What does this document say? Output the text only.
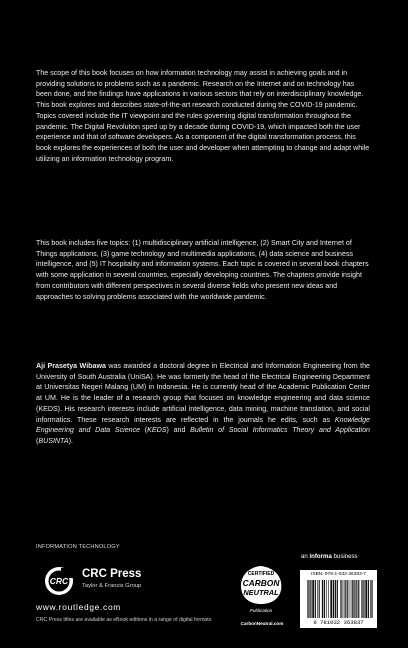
The scope of this book focuses on how information technology may assist in achieving goals and in providing solutions to problems such as a pandemic. Research on the Internet and on technology has been done, and the findings have applications in various sectors that rely on interdisciplinary knowledge. This book explores and describes state-of-the-art research conducted during the COVID-19 pandemic. Topics covered include the IT viewpoint and the rules governing digital transformation throughout the pandemic. The Digital Revolution sped up by a decade during COVID-19, which impacted both the user experience and that of software developers. As a component of the digital transformation process, this book explores the experiences of both the user and developer when attempting to change and adapt while utilizing an information technology program.

This book includes five topics: (1) multidisciplinary artificial intelligence, (2) Smart City and Internet of Things applications, (3) game technology and multimedia applications, (4) data science and business intelligence, and (5) IT hospitality and information systems. Each topic is covered in several book chapters with some application in several countries, especially developing countries. The chapters provide insight from contributors with different perspectives in several diverse fields who present new ideas and approaches to solving problems associated with the worldwide pandemic.

Aji Prasetya Wibawa was awarded a doctoral degree in Electrical and Information Engineering from the University of South Australia (UniSA). He was formerly the head of the Electrical Engineering Department at Universitas Negeri Malang (UM) in Indonesia. He is currently head of the Academic Publication Center at UM. He is the leader of a research group that focuses on knowledge engineering and data science (KEDS). His research interests include artificial intelligence, data mining, machine translation, and social informatics. These research interests are reflected in the journals he edits, such as Knowledge Engineering and Data Science (KEDS) and Bulletin of Social Informatics Theory and Application (BUSINTA).

INFORMATION TECHNOLOGY
CRC
CRC Press
Taylor & Francis Group
www.routledge.com
CRC Press titles are available as eBook editions in a range of digital formats
CERTIFIED
CARBON
NEUTRAL
Publication
CarbonNeutral.com
an informa business
ISBN: 978-1-032-36383-7
9 781032 363837
